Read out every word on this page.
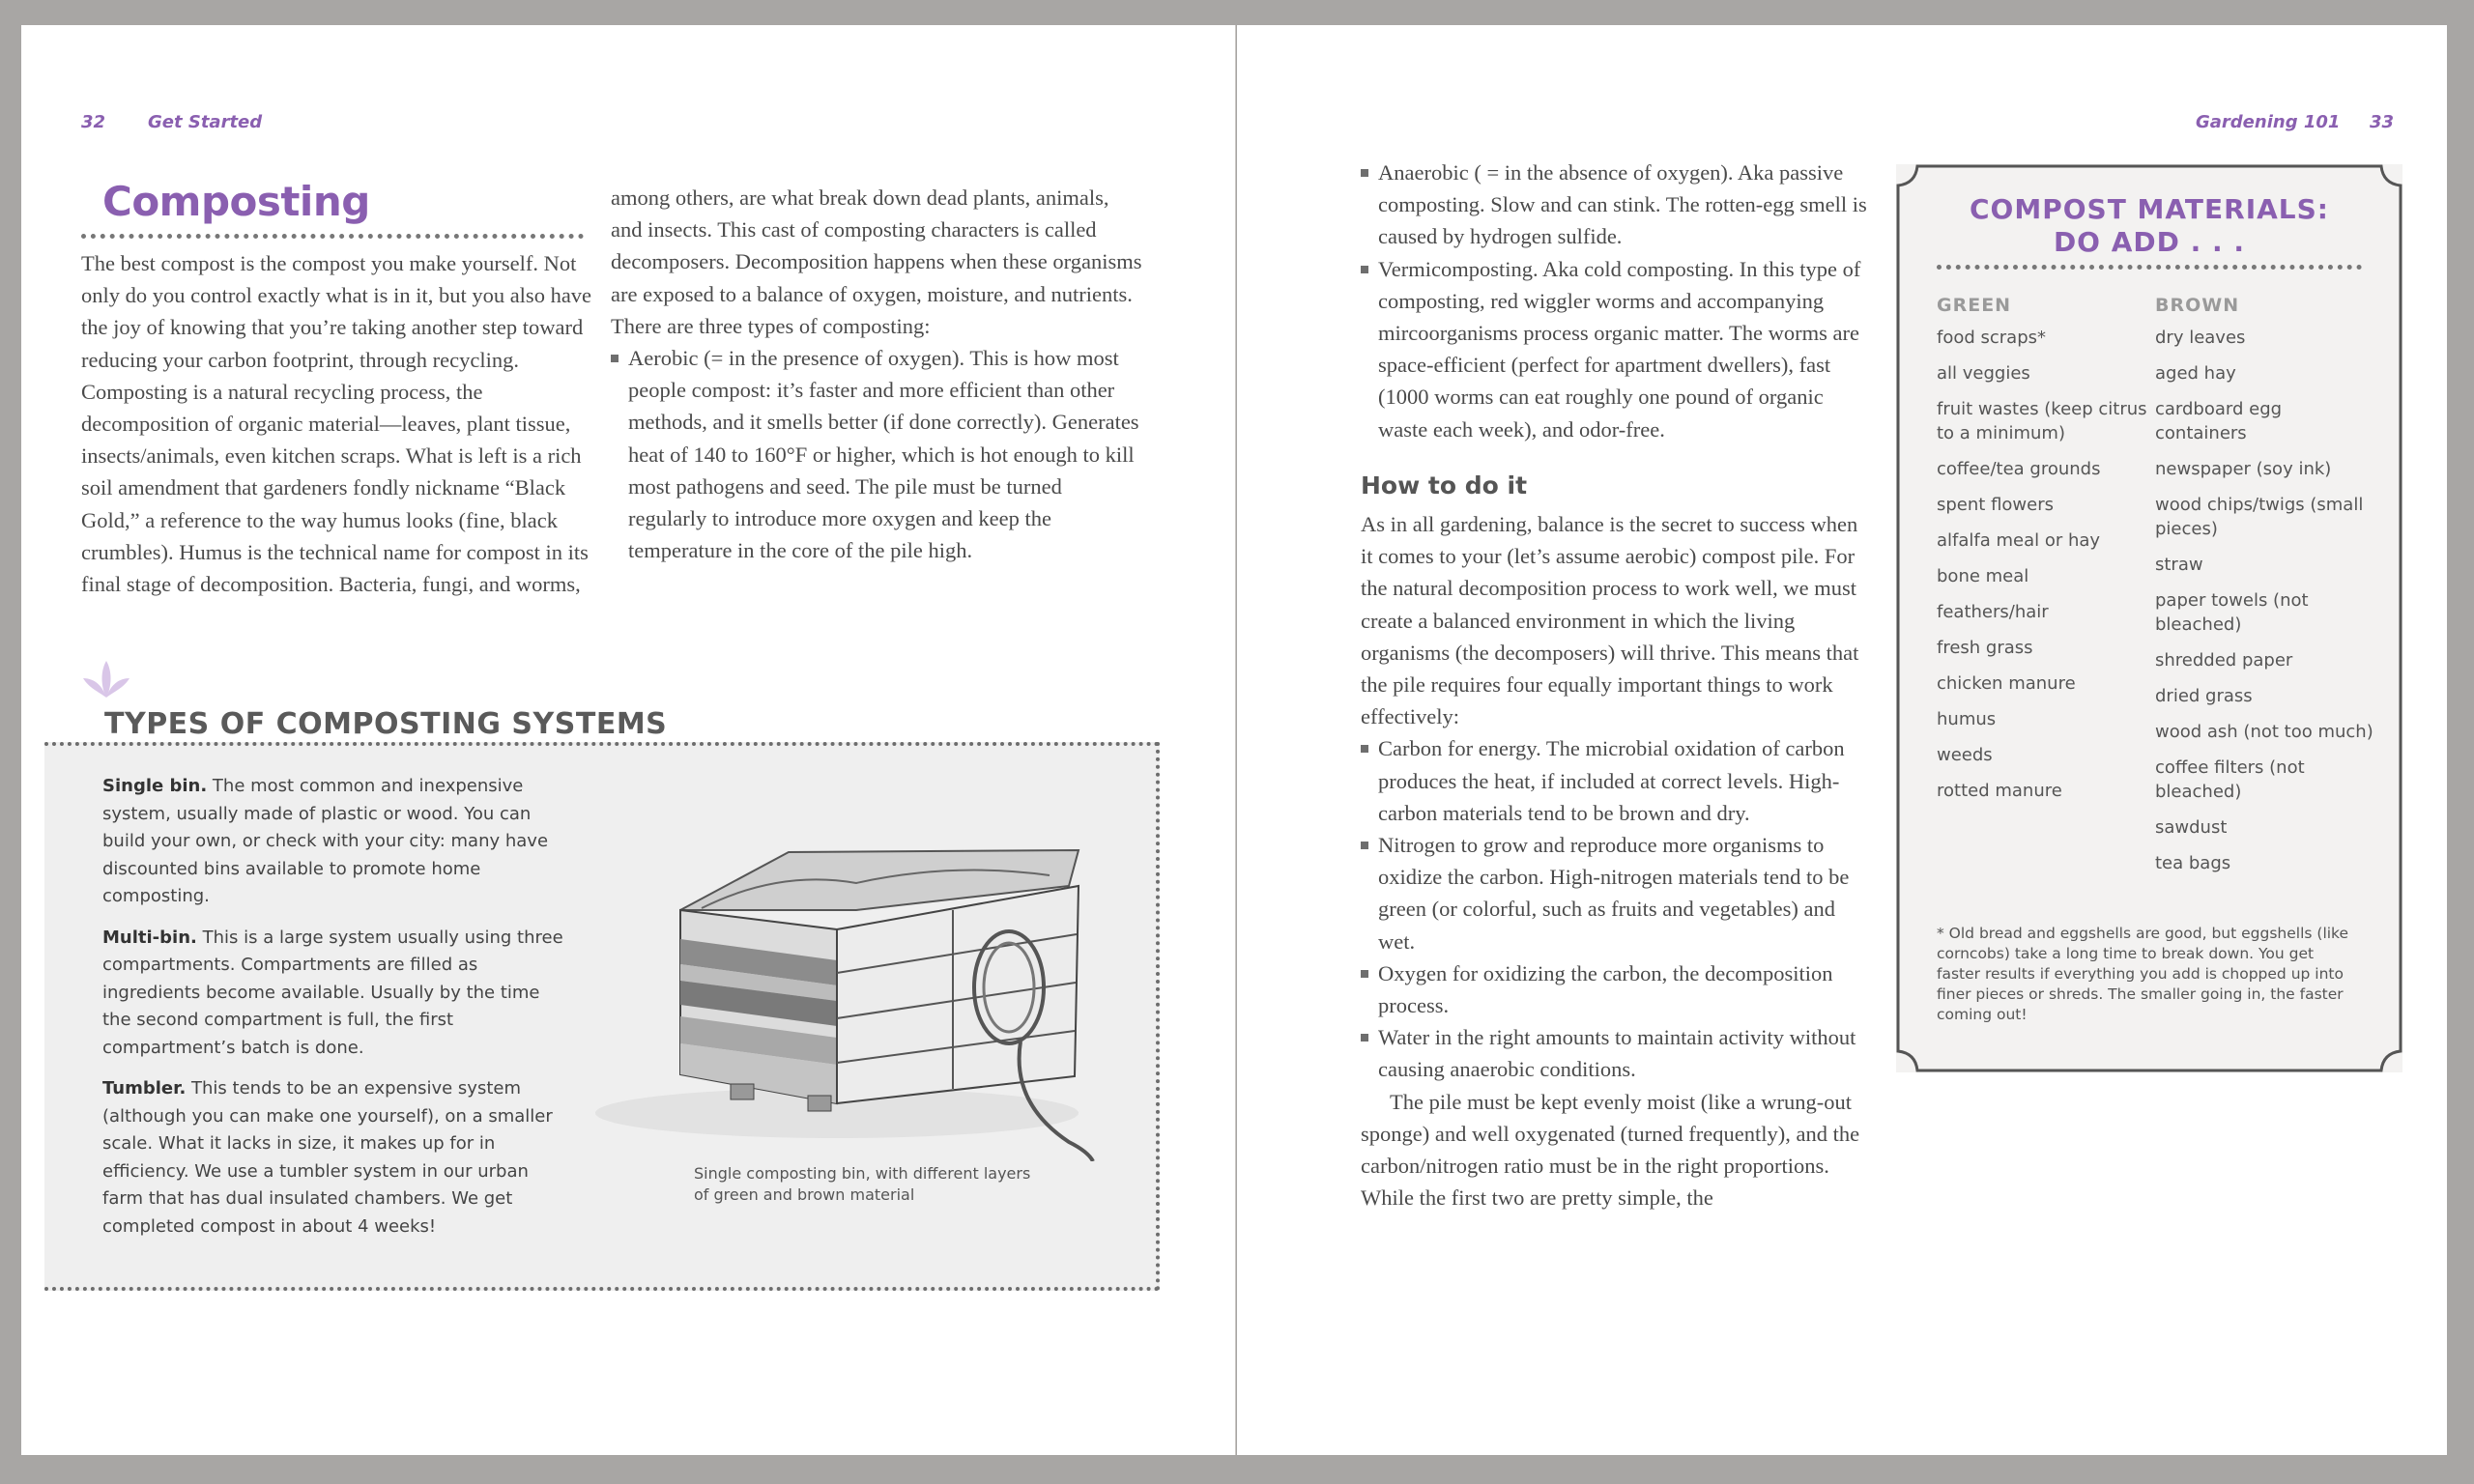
32 Get Started
Composting

The best compost is the compost you make yourself. Not only do you control exactly what is in it, but you also have the joy of knowing that you’re taking another step toward reducing your carbon footprint, through recycling. Composting is a natural recycling process, the decomposition of organic material—leaves, plant tissue, insects/animals, even kitchen scraps. What is left is a rich soil amendment that gardeners fondly nickname “Black Gold,” a reference to the way humus looks (fine, black crumbles). Humus is the technical name for compost in its final stage of decomposition. Bacteria, fungi, and worms,

among others, are what break down dead plants, animals, and insects. This cast of composting characters is called decomposers. Decomposition happens when these organisms are exposed to a balance of oxygen, moisture, and nutrients. There are three types of composting:

Aerobic (= in the presence of oxygen). This is how most people compost: it’s faster and more efficient than other methods, and it smells better (if done correctly). Generates heat of 140 to 160°F or higher, which is hot enough to kill most pathogens and seed. The pile must be turned regularly to introduce more oxygen and keep the temperature in the core of the pile high.
TYPES OF COMPOSTING SYSTEMS

Single bin. The most common and inexpensive system, usually made of plastic or wood. You can build your own, or check with your city: many have discounted bins available to promote home composting.

Multi-bin. This is a large system usually using three compartments. Compartments are filled as ingredients become available. Usually by the time the second compartment is full, the first compartment’s batch is done.

Tumbler. This tends to be an expensive system (although you can make one yourself), on a smaller scale. What it lacks in size, it makes up for in efficiency. We use a tumbler system in our urban farm that has dual insulated chambers. We get completed compost in about 4 weeks!

Single composting bin, with different layers of green and brown material
Gardening 101 33
Anaerobic ( = in the absence of oxygen). Aka passive composting. Slow and can stink. The rotten-egg smell is caused by hydrogen sulfide.
Vermicomposting. Aka cold composting. In this type of composting, red wiggler worms and accompanying mircoorganisms process organic matter. The worms are space-efficient (perfect for apartment dwellers), fast (1000 worms can eat roughly one pound of organic waste each week), and odor-free.
How to do it

As in all gardening, balance is the secret to success when it comes to your (let’s assume aerobic) compost pile. For the natural decomposition process to work well, we must create a balanced environment in which the living organisms (the decomposers) will thrive. This means that the pile requires four equally important things to work effectively:

Carbon for energy. The microbial oxidation of carbon produces the heat, if included at correct levels. High-carbon materials tend to be brown and dry.
Nitrogen to grow and reproduce more organisms to oxidize the carbon. High-nitrogen materials tend to be green (or colorful, such as fruits and vegetables) and wet.
Oxygen for oxidizing the carbon, the decomposition process.
Water in the right amounts to maintain activity without causing anaerobic conditions.

The pile must be kept evenly moist (like a wrung-out sponge) and well oxygenated (turned frequently), and the carbon/nitrogen ratio must be in the right proportions. While the first two are pretty simple, the

COMPOST MATERIALS:
DO ADD . . .
GREEN
food scraps*
all veggies
fruit wastes (keep citrus to a minimum)
coffee/tea grounds
spent flowers
alfalfa meal or hay
bone meal
feathers/hair
fresh grass
chicken manure
humus
weeds
rotted manure
BROWN
dry leaves
aged hay
cardboard egg containers
newspaper (soy ink)
wood chips/twigs (small pieces)
straw
paper towels (not bleached)
shredded paper
dried grass
wood ash (not too much)
coffee filters (not bleached)
sawdust
tea bags
* Old bread and eggshells are good, but eggshells (like corncobs) take a long time to break down. You get faster results if everything you add is chopped up into finer pieces or shreds. The smaller going in, the faster coming out!
